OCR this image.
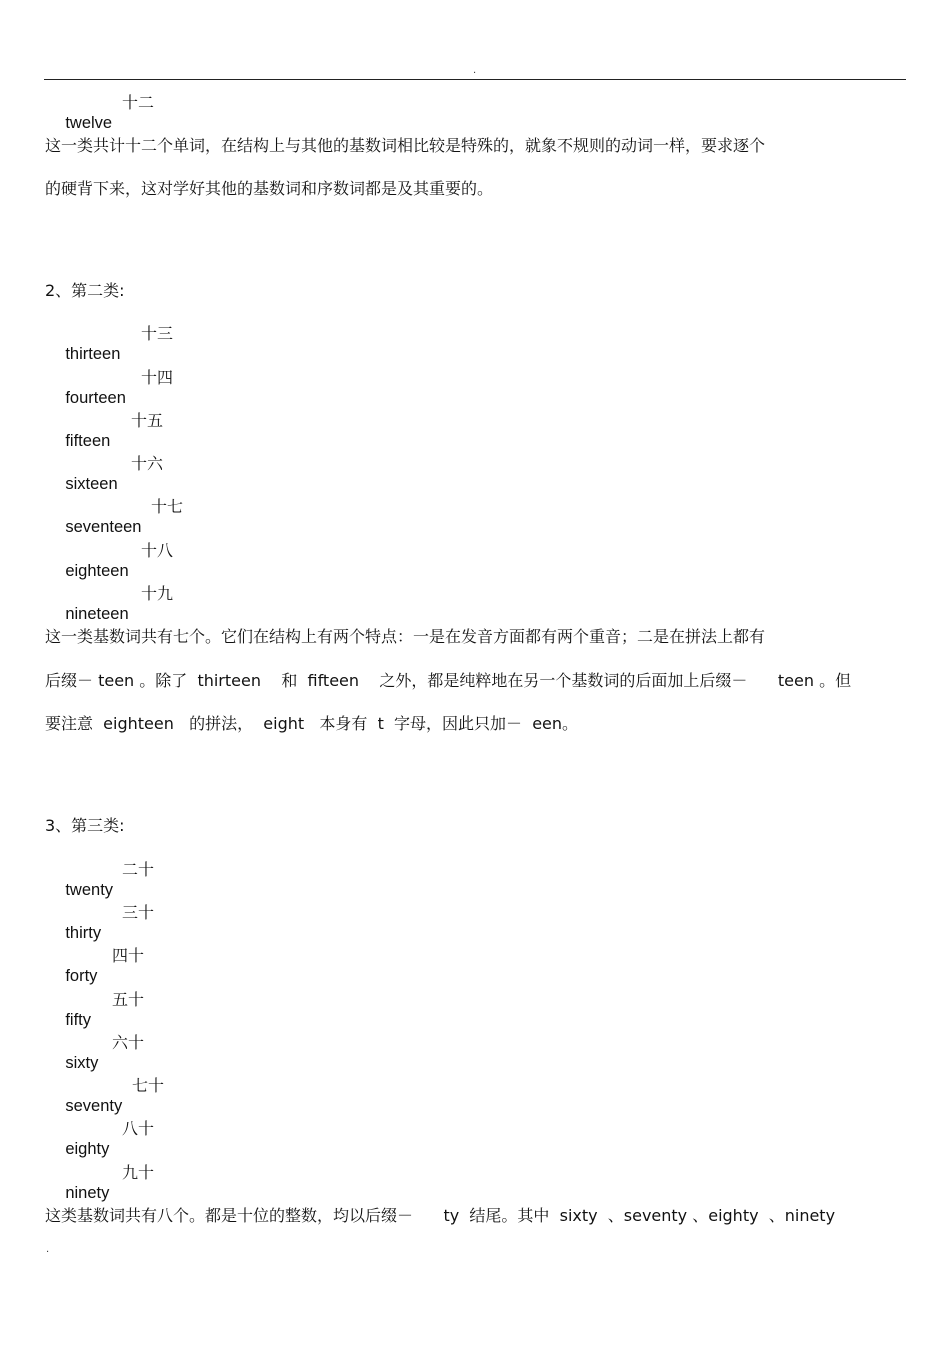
.

twelve

十二

这一类共计十二个单词，在结构上与其他的基数词相比较是特殊的，就象不规则的动词一样，要求逐个
的硬背下来，这对学好其他的基数词和序数词都是及其重要的。
2、第二类:

thirteen

十三

fourteen

十四

fifteen

十五

sixteen

十六

seventeen

十七

eighteen

十八

nineteen

十九

这一类基数词共有七个。它们在结构上有两个特点：一是在发音方面都有两个重音；二是在拼法上都有
后缀－ teen 。除了  thirteen    和  fifteen    之外，都是纯粹地在另一个基数词的后面加上后缀－      teen 。但
要注意  eighteen   的拼法，  eight   本身有  t  字母，因此只加－  een。
3、第三类:

twenty

二十

thirty

三十

forty

四十

fifty

五十

sixty

六十

seventy

七十

eighty

八十

ninety

九十

这类基数词共有八个。都是十位的整数，均以后缀－      ty  结尾。其中  sixty  、seventy 、eighty  、ninety
.
